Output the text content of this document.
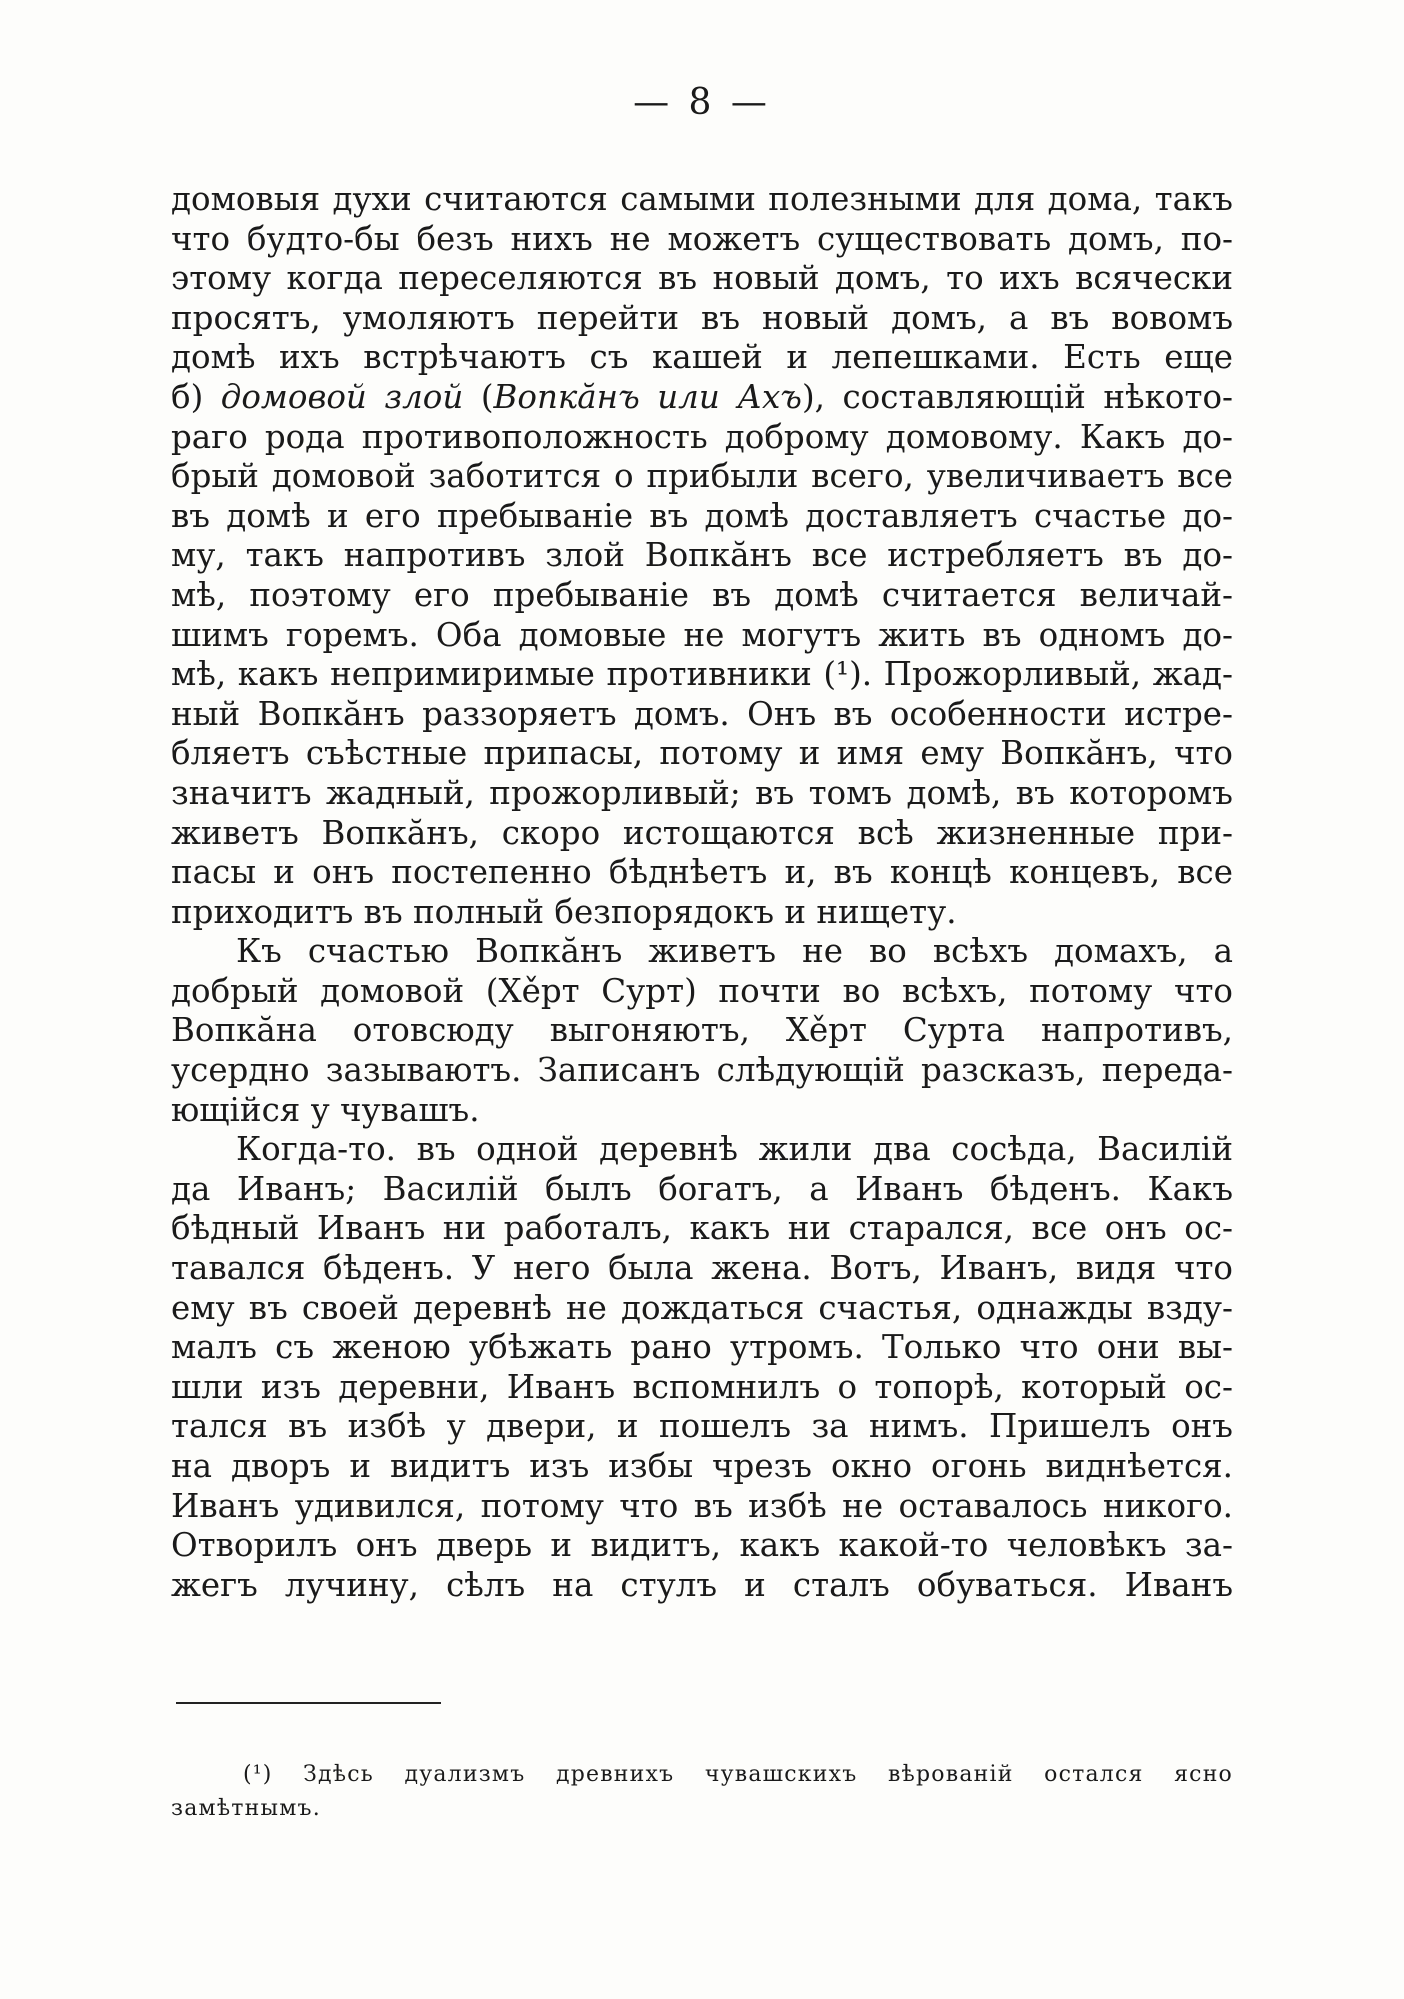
— 8 —

домовыя духи считаются самыми полезными для дома, такъ
что будто-бы безъ нихъ не можетъ существовать домъ, по-
этому когда переселяются въ новый домъ, то ихъ всячески
просятъ, умоляютъ перейти въ новый домъ, а въ вовомъ
домѣ ихъ встрѣчаютъ съ кашей и лепешками. Есть еще
б) домовой злой (Вопкăнъ или Ахъ), составляющій нѣкото-
раго рода противоположность доброму домовому. Какъ до-
брый домовой заботится о прибыли всего, увеличиваетъ все
въ домѣ и его пребываніе въ домѣ доставляетъ счастье до-
му, такъ напротивъ злой Вопкăнъ все истребляетъ въ до-
мѣ, поэтому его пребываніе въ домѣ считается величай-
шимъ горемъ. Оба домовые не могутъ жить въ одномъ до-
мѣ, какъ непримиримые противники (¹). Прожорливый, жад-
ный Вопкăнъ раззоряетъ домъ. Онъ въ особенности истре-
бляетъ съѣстные припасы, потому и имя ему Вопкăнъ, что
значитъ жадный, прожорливый; въ томъ домѣ, въ которомъ
живетъ Вопкăнъ, скоро истощаются всѣ жизненные при-
пасы и онъ постепенно бѣднѣетъ и, въ концѣ концевъ, все
приходитъ въ полный безпорядокъ и нищету.

Къ счастью Вопкăнъ живетъ не во всѣхъ домахъ, а
добрый домовой (Хěрт Сурт) почти во всѣхъ, потому что
Вопкăна отовсюду выгоняютъ, Хěрт Сурта напротивъ,
усердно зазываютъ. Записанъ слѣдующій разсказъ, переда-
ющійся у чувашъ.

Когда-то. въ одной деревнѣ жили два сосѣда, Василій
да Иванъ; Василій былъ богатъ, а Иванъ бѣденъ. Какъ
бѣдный Иванъ ни работалъ, какъ ни старался, все онъ ос-
тавался бѣденъ. У него была жена. Вотъ, Иванъ, видя что
ему въ своей деревнѣ не дождаться счастья, однажды взду-
малъ съ женою убѣжать рано утромъ. Только что они вы-
шли изъ деревни, Иванъ вспомнилъ о топорѣ, который ос-
тался въ избѣ у двери, и пошелъ за нимъ. Пришелъ онъ
на дворъ и видитъ изъ избы чрезъ окно огонь виднѣется.
Иванъ удивился, потому что въ избѣ не оставалось никого.
Отворилъ онъ дверь и видитъ, какъ какой-то человѣкъ за-
жегъ лучину, сѣлъ на стулъ и сталъ обуваться. Иванъ

(¹) Здѣсь дуализмъ древнихъ чувашскихъ вѣрованій остался ясно
замѣтнымъ.
